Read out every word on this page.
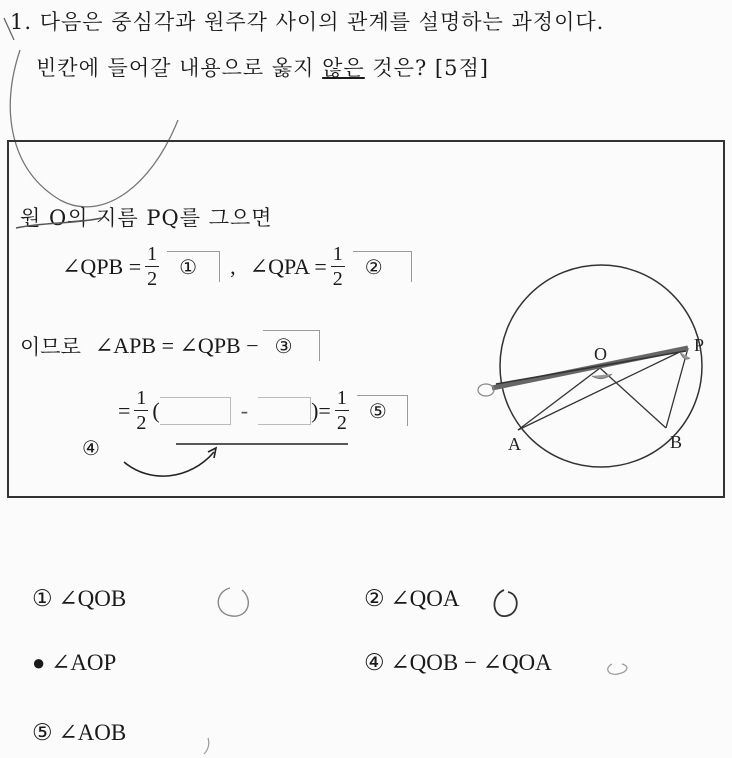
1. 다음은 중심각과 원주각 사이의 관계를 설명하는 과정이다.
빈칸에 들어갈 내용으로 옳지 않은 것은? [5점]
원 O의 지름 PQ를 그으면
∠QPB = $\frac{1}{2}$ ① , ∠QPA = $\frac{1}{2}$ ②
이므로 ∠APB = ∠QPB − ③
= $\frac{1}{2}$ (	-	) = $\frac{1}{2}$ ⑤
④
O	P
A	B
① ∠QOB	② ∠QOA
● ∠AOP	④ ∠QOB − ∠QOA
⑤ ∠AOB
